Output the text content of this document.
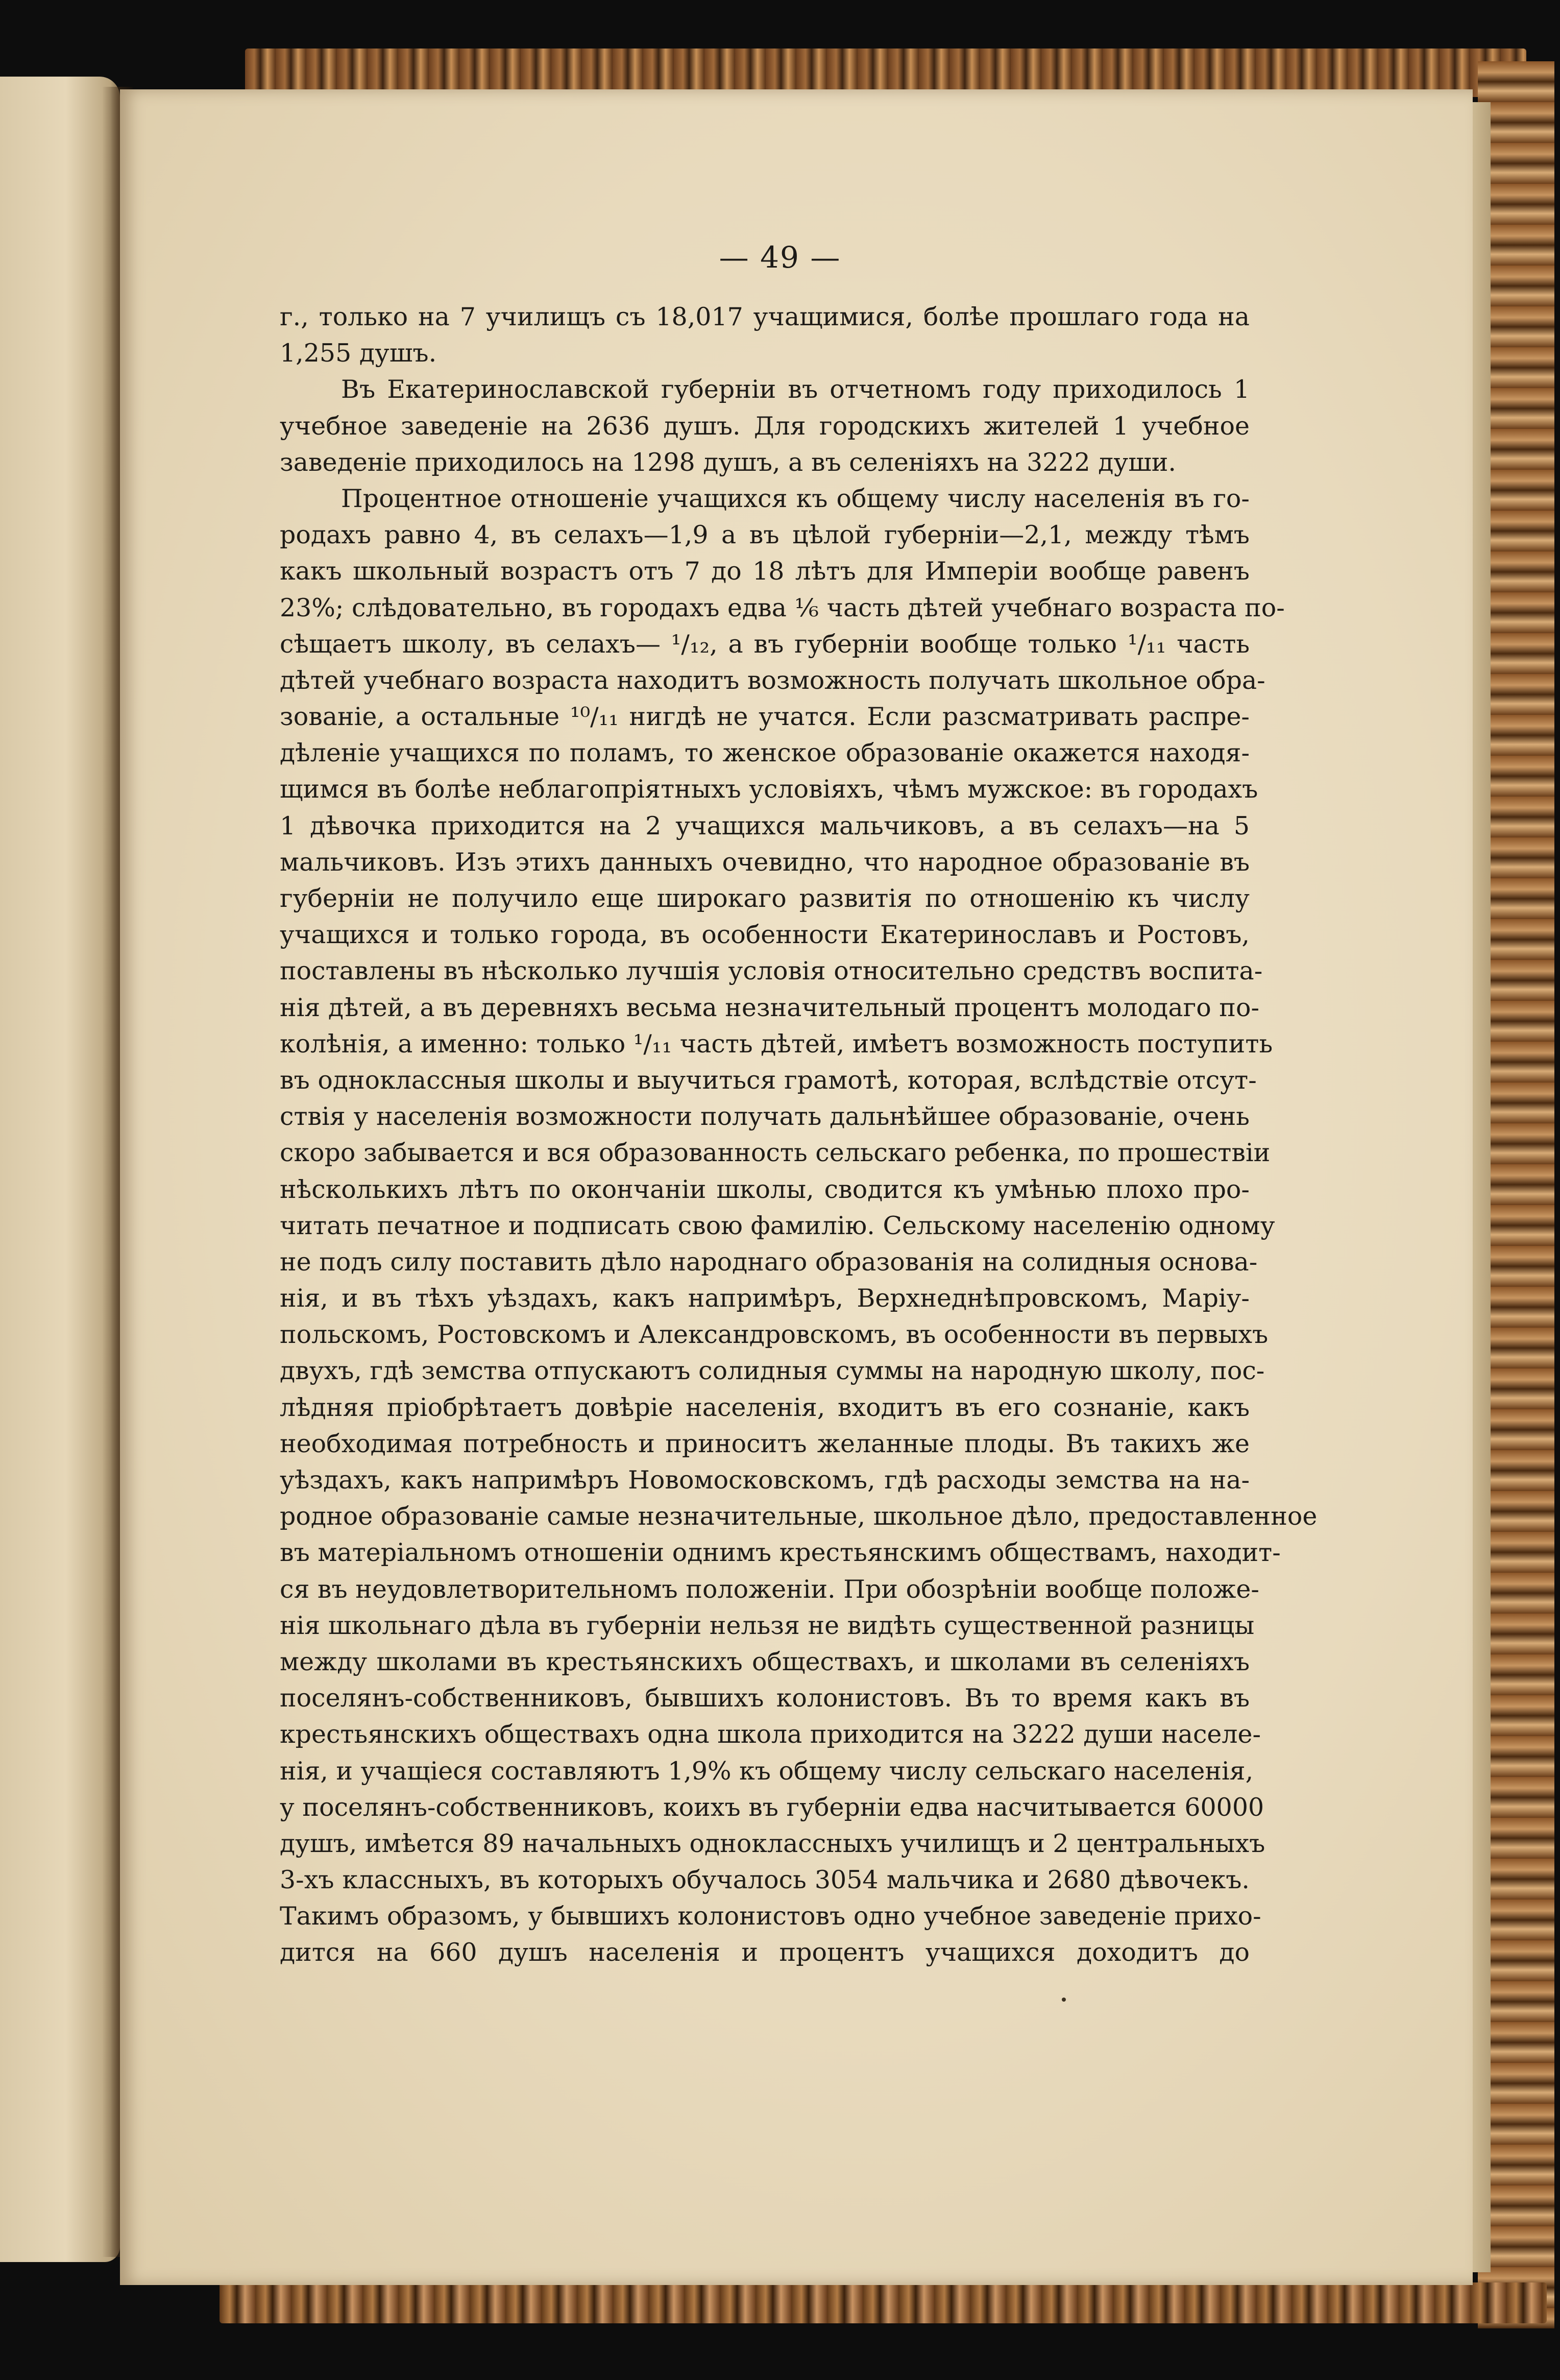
— 49 —
г., только на 7 училищъ съ 18,017 учащимися, болѣе прошлаго года на
1,255 душъ.
Въ Екатеринославской губерніи въ отчетномъ году приходилось 1
учебное заведеніе на 2636 душъ. Для городскихъ жителей 1 учебное
заведеніе приходилось на 1298 душъ, а въ селеніяхъ на 3222 души.
Процентное отношеніе учащихся къ общему числу населенія въ го-
родахъ равно 4, въ селахъ—1,9 а въ цѣлой губерніи—2,1, между тѣмъ
какъ школьный возрастъ отъ 7 до 18 лѣтъ для Имперіи вообще равенъ
23%; слѣдовательно, въ городахъ едва ⅙ часть дѣтей учебнаго возраста по-
сѣщаетъ школу, въ селахъ— ¹/₁₂, а въ губерніи вообще только ¹/₁₁ часть
дѣтей учебнаго возраста находитъ возможность получать школьное обра-
зованіе, а остальные ¹⁰/₁₁ нигдѣ не учатся. Если разсматривать распре-
дѣленіе учащихся по поламъ, то женское образованіе окажется находя-
щимся въ болѣе неблагопріятныхъ условіяхъ, чѣмъ мужское: въ городахъ
1 дѣвочка приходится на 2 учащихся мальчиковъ, а въ селахъ—на 5
мальчиковъ. Изъ этихъ данныхъ очевидно, что народное образованіе въ
губерніи не получило еще широкаго развитія по отношенію къ числу
учащихся и только города, въ особенности Екатеринославъ и Ростовъ,
поставлены въ нѣсколько лучшія условія относительно средствъ воспита-
нія дѣтей, а въ деревняхъ весьма незначительный процентъ молодаго по-
колѣнія, а именно: только ¹/₁₁ часть дѣтей, имѣетъ возможность поступить
въ одноклассныя школы и выучиться грамотѣ, которая, вслѣдствіе отсут-
ствія у населенія возможности получать дальнѣйшее образованіе, очень
скоро забывается и вся образованность сельскаго ребенка, по прошествіи
нѣсколькихъ лѣтъ по окончаніи школы, сводится къ умѣнью плохо про-
читать печатное и подписать свою фамилію. Сельскому населенію одному
не подъ силу поставить дѣло народнаго образованія на солидныя основа-
нія, и въ тѣхъ уѣздахъ, какъ напримѣръ, Верхнеднѣпровскомъ, Маріу-
польскомъ, Ростовскомъ и Александровскомъ, въ особенности въ первыхъ
двухъ, гдѣ земства отпускаютъ солидныя суммы на народную школу, пос-
лѣдняя пріобрѣтаетъ довѣріе населенія, входитъ въ его сознаніе, какъ
необходимая потребность и приноситъ желанные плоды. Въ такихъ же
уѣздахъ, какъ напримѣръ Новомосковскомъ, гдѣ расходы земства на на-
родное образованіе самые незначительные, школьное дѣло, предоставленное
въ матеріальномъ отношеніи однимъ крестьянскимъ обществамъ, находит-
ся въ неудовлетворительномъ положеніи. При обозрѣніи вообще положе-
нія школьнаго дѣла въ губерніи нельзя не видѣть существенной разницы
между школами въ крестьянскихъ обществахъ, и школами въ селеніяхъ
поселянъ-собственниковъ, бывшихъ колонистовъ. Въ то время какъ въ
крестьянскихъ обществахъ одна школа приходится на 3222 души населе-
нія, и учащіеся составляютъ 1,9% къ общему числу сельскаго населенія,
у поселянъ-собственниковъ, коихъ въ губерніи едва насчитывается 60000
душъ, имѣется 89 начальныхъ одноклассныхъ училищъ и 2 центральныхъ
3-хъ классныхъ, въ которыхъ обучалось 3054 мальчика и 2680 дѣвочекъ.
Такимъ образомъ, у бывшихъ колонистовъ одно учебное заведеніе прихо-
дится на 660 душъ населенія и процентъ учащихся доходитъ до
